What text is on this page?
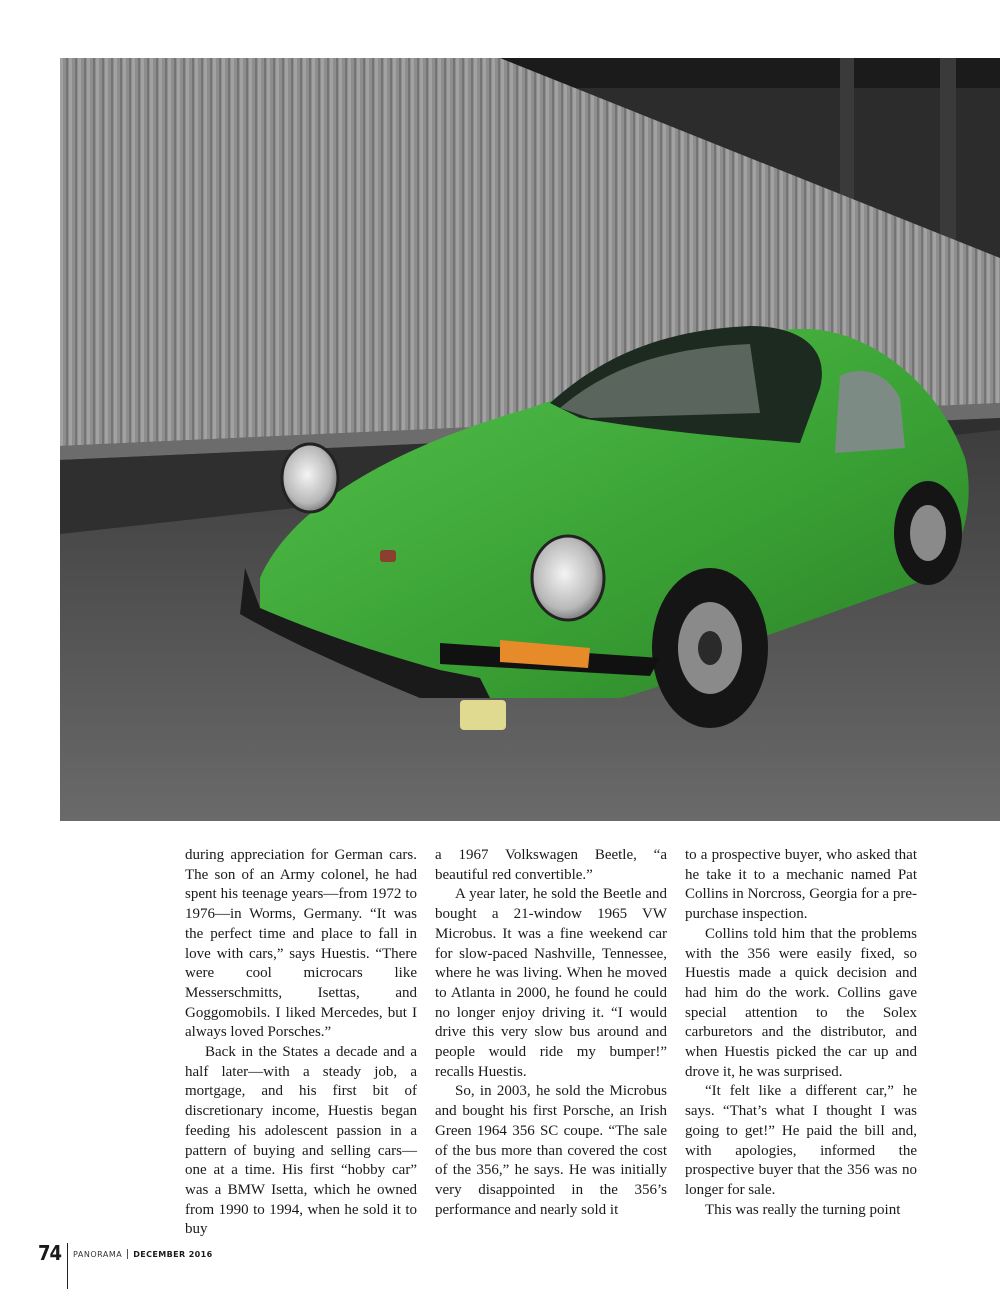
during appreciation for German cars. The son of an Army colonel, he had spent his teenage years—from 1972 to 1976—in Worms, Germany. “It was the perfect time and place to fall in love with cars,” says Huestis. “There were cool microcars like Messerschmitts, Isettas, and Goggomobils. I liked Mercedes, but I always loved Porsches.”

Back in the States a decade and a half later—with a steady job, a mortgage, and his first bit of discretionary income, Huestis began feeding his adolescent passion in a pattern of buying and selling cars—one at a time. His first “hobby car” was a BMW Isetta, which he owned from 1990 to 1994, when he sold it to buy

a 1967 Volkswagen Beetle, “a beautiful red convertible.”

A year later, he sold the Beetle and bought a 21-window 1965 VW Microbus. It was a fine weekend car for slow-paced Nashville, Tennessee, where he was living. When he moved to Atlanta in 2000, he found he could no longer enjoy driving it. “I would drive this very slow bus around and people would ride my bumper!” recalls Huestis.

So, in 2003, he sold the Microbus and bought his first Porsche, an Irish Green 1964 356 SC coupe. “The sale of the bus more than covered the cost of the 356,” he says. He was initially very disappointed in the 356’s performance and nearly sold it

to a prospective buyer, who asked that he take it to a mechanic named Pat Collins in Norcross, Georgia for a pre-purchase inspection.

Collins told him that the problems with the 356 were easily fixed, so Huestis made a quick decision and had him do the work. Collins gave special attention to the Solex carburetors and the distributor, and when Huestis picked the car up and drove it, he was surprised.

“It felt like a different car,” he says. “That’s what I thought I was going to get!” He paid the bill and, with apologies, informed the prospective buyer that the 356 was no longer for sale.

This was really the turning point

74 PANORAMA DECEMBER 2016
